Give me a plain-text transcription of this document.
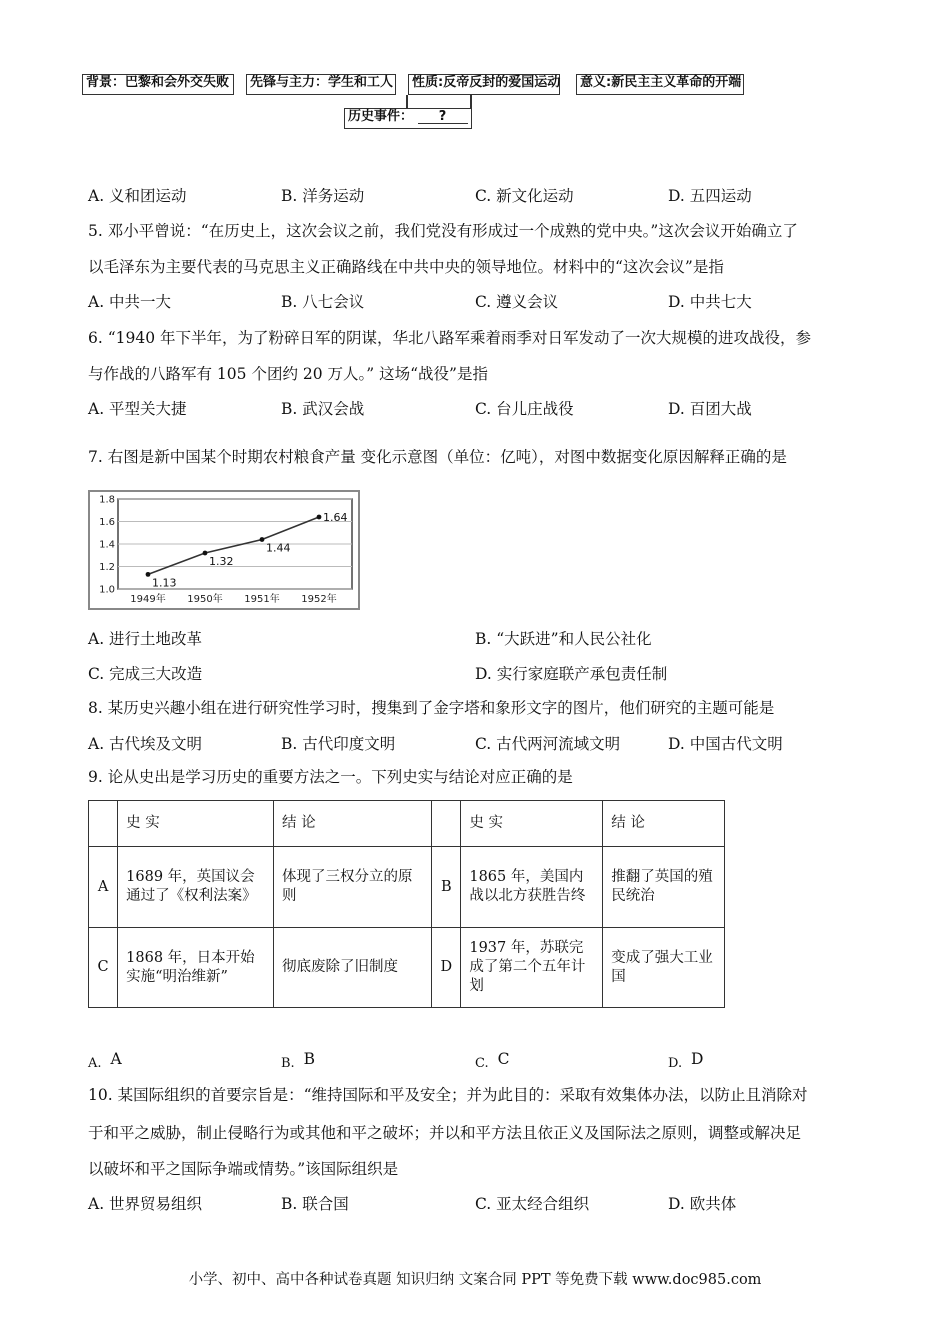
背景：巴黎和会外交失败	先锋与主力：学生和工人	性质:反帝反封的爱国运动	意义:新民主主义革命的开端
历史事件： ?
A. 义和团运动	B. 洋务运动	C. 新文化运动	D. 五四运动
5. 邓小平曾说：“在历史上，这次会议之前，我们党没有形成过一个成熟的党中央。”这次会议开始确立了
以毛泽东为主要代表的马克思主义正确路线在中共中央的领导地位。材料中的“这次会议”是指
A. 中共一大	B. 八七会议	C. 遵义会议	D. 中共七大
6. “1940 年下半年，为了粉碎日军的阴谋，华北八路军乘着雨季对日军发动了一次大规模的进攻战役，参
与作战的八路军有 105 个团约 20 万人。” 这场“战役”是指
A. 平型关大捷	B. 武汉会战	C. 台儿庄战役	D. 百团大战
7. 右图是新中国某个时期农村粮食产量 变化示意图（单位：亿吨），对图中数据变化原因解释正确的是
1.0
1.2
1.4
1.6
1.8
1949年 1950年 1951年 1952年
1.13
1.32
1.44
1.64
A. 进行土地改革	B. “大跃进”和人民公社化
C. 完成三大改造	D. 实行家庭联产承包责任制
8. 某历史兴趣小组在进行研究性学习时，搜集到了金字塔和象形文字的图片，他们研究的主题可能是
A. 古代埃及文明	B. 古代印度文明	C. 古代两河流域文明	D. 中国古代文明
9. 论从史出是学习历史的重要方法之一。下列史实与结论对应正确的是
	史 实	结 论		史 实	结 论
A	1689 年，英国议会通过了《权利法案》	体现了三权分立的原则	B	1865 年，美国内战以北方获胜告终	推翻了英国的殖民统治
C	1868 年，日本开始实施“明治维新”	彻底废除了旧制度	D	1937 年，苏联完成了第二个五年计划	变成了强大工业国
A. A	B. B	C. C	D. D
10. 某国际组织的首要宗旨是：“维持国际和平及安全；并为此目的：采取有效集体办法，以防止且消除对
于和平之威胁，制止侵略行为或其他和平之破坏；并以和平方法且依正义及国际法之原则，调整或解决足
以破坏和平之国际争端或情势。”该国际组织是
A. 世界贸易组织	B. 联合国	C. 亚太经合组织	D. 欧共体
小学、初中、高中各种试卷真题 知识归纳 文案合同 PPT 等免费下载 www.doc985.com
